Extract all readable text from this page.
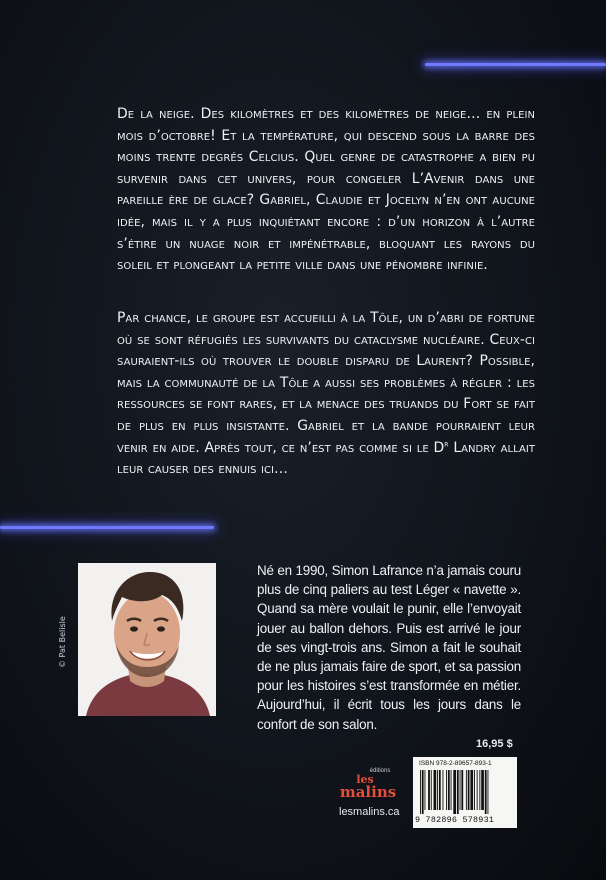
De la neige. Des kilomètres et des kilomètres de neige… en plein mois d’octobre! Et la température, qui descend sous la barre des moins trente degrés Celcius. Quel genre de catastrophe a bien pu survenir dans cet univers, pour congeler L’Avenir dans une pareille ère de glace? Gabriel, Claudie et Jocelyn n’en ont aucune idée, mais il y a plus inquiétant encore : d’un horizon à l’autre s’étire un nuage noir et impénétrable, bloquant les rayons du soleil et plongeant la petite ville dans une pénombre infinie.

Par chance, le groupe est accueilli à la Tôle, un d’abri de fortune où se sont réfugiés les survivants du cataclysme nucléaire. Ceux-ci sauraient-ils où trouver le double disparu de Laurent? Possible, mais la communauté de la Tôle a aussi ses problèmes à régler : les ressources se font rares, et la menace des truands du Fort se fait de plus en plus insistante. Gabriel et la bande pourraient leur venir en aide. Après tout, ce n’est pas comme si le $D^r$ Landry allait leur causer des ennuis ici…

© Pat Belisle

Né en 1990, Simon Lafrance n’a jamais couru plus de cinq paliers au test Léger « navette ». Quand sa mère voulait le punir, elle l’envoyait jouer au ballon dehors. Puis est arrivé le jour de ses vingt-trois ans. Simon a fait le souhait de ne plus jamais faire de sport, et sa passion pour les histoires s’est transformée en métier. Aujourd’hui, il écrit tous les jours dans le confort de son salon.

16,95 $
éditions
les
malins
lesmalins.ca
ISBN 978-2-89657-893-1
9 782896 578931
